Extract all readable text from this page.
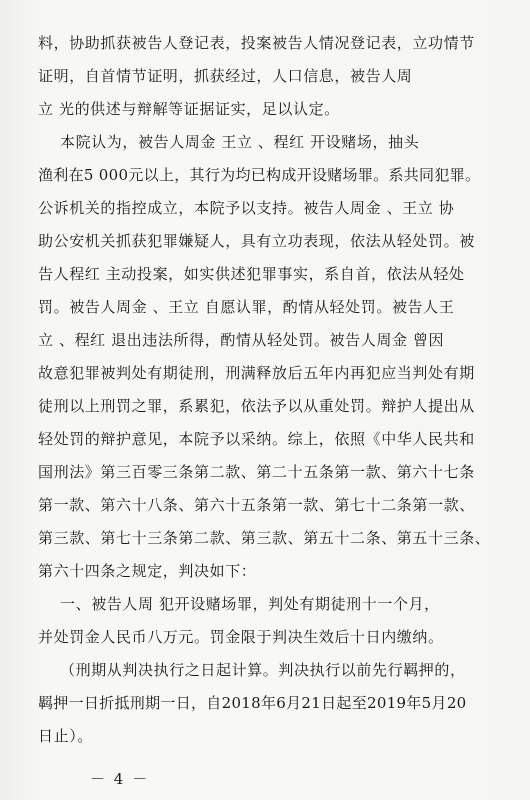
料，协助抓获被告人登记表，投案被告人情况登记表，立功情节
证明，自首情节证明，抓获经过，人口信息，被告人周
立 光的供述与辩解等证据证实，足以认定。
本院认为，被告人周金 王立 、程红 开设赌场，抽头
渔利在5 000元以上，其行为均已构成开设赌场罪。系共同犯罪。
公诉机关的指控成立，本院予以支持。被告人周金 、王立 协
助公安机关抓获犯罪嫌疑人，具有立功表现，依法从轻处罚。被
告人程红 主动投案，如实供述犯罪事实，系自首，依法从轻处
罚。被告人周金 、王立 自愿认罪，酌情从轻处罚。被告人王
立 、程红 退出违法所得，酌情从轻处罚。被告人周金 曾因
故意犯罪被判处有期徒刑，刑满释放后五年内再犯应当判处有期
徒刑以上刑罚之罪，系累犯，依法予以从重处罚。辩护人提出从
轻处罚的辩护意见，本院予以采纳。综上，依照《中华人民共和
国刑法》第三百零三条第二款、第二十五条第一款、第六十七条
第一款、第六十八条、第六十五条第一款、第七十二条第一款、
第三款、第七十三条第二款、第三款、第五十二条、第五十三条、
第六十四条之规定，判决如下：
一、被告人周 犯开设赌场罪，判处有期徒刑十一个月，
并处罚金人民币八万元。罚金限于判决生效后十日内缴纳。
（刑期从判决执行之日起计算。判决执行以前先行羁押的，
羁押一日折抵刑期一日，自2018年6月21日起至2019年5月20
日止）。
－ 4 －
